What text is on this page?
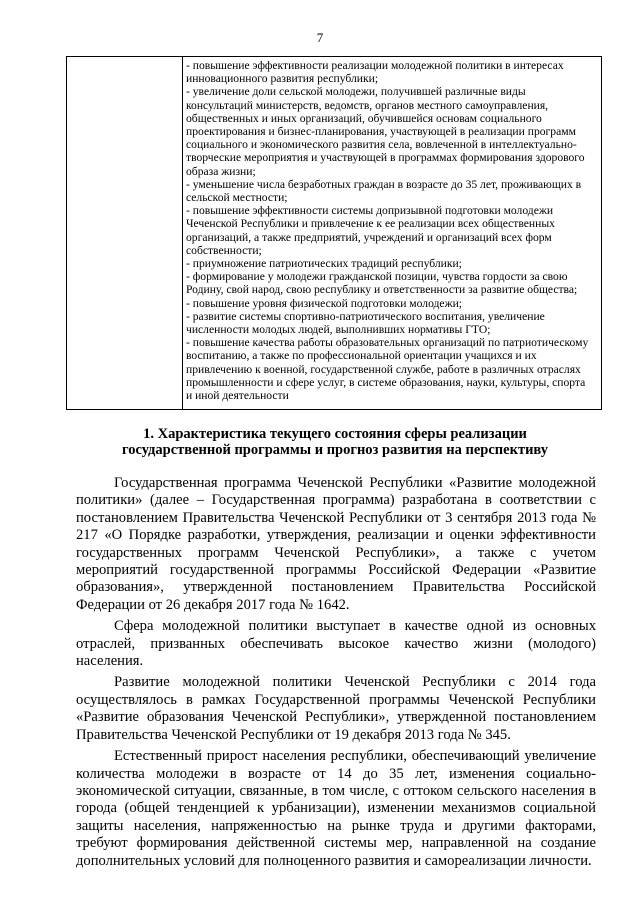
7
- повышение эффективности реализации молодежной политики в интересах инновационного развития республики;
- увеличение доли сельской молодежи, получившей различные виды консультаций министерств, ведомств, органов местного самоуправления, общественных и иных организаций, обучившейся основам социального проектирования и бизнес-планирования, участвующей в реализации программ социального и экономического развития села, вовлеченной в интеллектуально-творческие мероприятия и участвующей в программах формирования здорового образа жизни;
- уменьшение числа безработных граждан в возрасте до 35 лет, проживающих в сельской местности;
- повышение эффективности системы допризывной подготовки молодежи Чеченской Республики и привлечение к ее реализации всех общественных организаций, а также предприятий, учреждений и организаций всех форм собственности;
- приумножение патриотических традиций республики;
- формирование у молодежи гражданской позиции, чувства гордости за свою Родину, свой народ, свою республику и ответственности за развитие общества;
- повышение уровня физической подготовки молодежи;
- развитие системы спортивно-патриотического воспитания, увеличение численности молодых людей, выполнивших нормативы ГТО;
- повышение качества работы образовательных организаций по патриотическому воспитанию, а также по профессиональной ориентации учащихся и их привлечению к военной, государственной службе, работе в различных отраслях промышленности и сфере услуг, в системе образования, науки, культуры, спорта и иной деятельности
1. Характеристика текущего состояния сферы реализации
государственной программы и прогноз развития на перспективу

Государственная программа Чеченской Республики «Развитие молодежной политики» (далее – Государственная программа) разработана в соответствии с постановлением Правительства Чеченской Республики от 3 сентября 2013 года № 217 «О Порядке разработки, утверждения, реализации и оценки эффективности государственных программ Чеченской Республики», а также с учетом мероприятий государственной программы Российской Федерации «Развитие образования», утвержденной постановлением Правительства Российской Федерации от 26 декабря 2017 года № 1642.

Сфера молодежной политики выступает в качестве одной из основных отраслей, призванных обеспечивать высокое качество жизни (молодого) населения.

Развитие молодежной политики Чеченской Республики с 2014 года осуществлялось в рамках Государственной программы Чеченской Республики «Развитие образования Чеченской Республики», утвержденной постановлением Правительства Чеченской Республики от 19 декабря 2013 года № 345.

Естественный прирост населения республики, обеспечивающий увеличение количества молодежи в возрасте от 14 до 35 лет, изменения социально-экономической ситуации, связанные, в том числе, с оттоком сельского населения в города (общей тенденцией к урбанизации), изменении механизмов социальной защиты населения, напряженностью на рынке труда и другими факторами, требуют формирования действенной системы мер, направленной на создание дополнительных условий для полноценного развития и самореализации личности.
